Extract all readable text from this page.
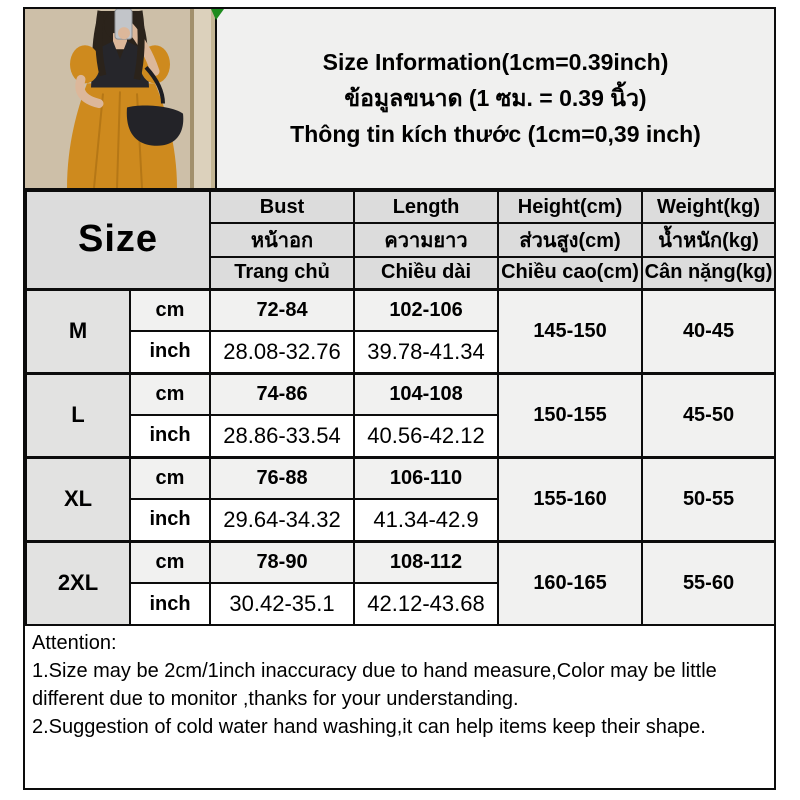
Size Information(1cm=0.39inch)
ข้อมูลขนาด (1 ซม. = 0.39 นิ้ว)
Thông tin kích thước (1cm=0,39 inch)
Size		Bust	Length	Height(cm)	Weight(kg)
		หน้าอก	ความยาว	ส่วนสูง(cm)	น้ำหนัก(kg)
		Trang chủ	Chiều dài	Chiều cao(cm)	Cân nặng(kg)
M	cm	72-84	102-106	145-150	40-45
	inch	28.08-32.76	39.78-41.34		
L	cm	74-86	104-108	150-155	45-50
	inch	28.86-33.54	40.56-42.12		
XL	cm	76-88	106-110	155-160	50-55
	inch	29.64-34.32	41.34-42.9		
2XL	cm	78-90	108-112	160-165	55-60
	inch	30.42-35.1	42.12-43.68		
Attention:
1.Size may be 2cm/1inch inaccuracy due to hand measure,Color may be little different due to monitor ,thanks for your understanding.
2.Suggestion of cold water hand washing,it can help items keep their shape.
